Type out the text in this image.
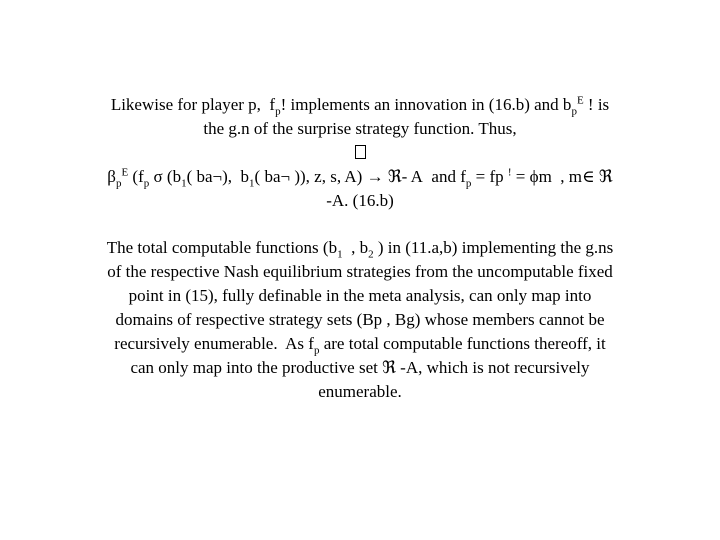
Likewise for player p,  $f_p$! implements an innovation in (16.b) and $b_p^E$ ! is
the g.n of the surprise strategy function. Thus,
$\beta_p^E$ ($f_p$ σ ($b_1$( ba¬),  $b_1$( ba¬ )), z, s, A) → ℜ- A  and $f_p$ = fp ! = ϕm  , m∈ ℜ
-A. (16.b)
The total computable functions ($b_1$  , $b_2$ ) in (11.a,b) implementing the g.ns
of the respective Nash equilibrium strategies from the uncomputable fixed
point in (15), fully definable in the meta analysis, can only map into
domains of respective strategy sets (Bp , Bg) whose members cannot be
recursively enumerable.  As $f_p$ are total computable functions thereoff, it
can only map into the productive set ℜ -A, which is not recursively
enumerable.
